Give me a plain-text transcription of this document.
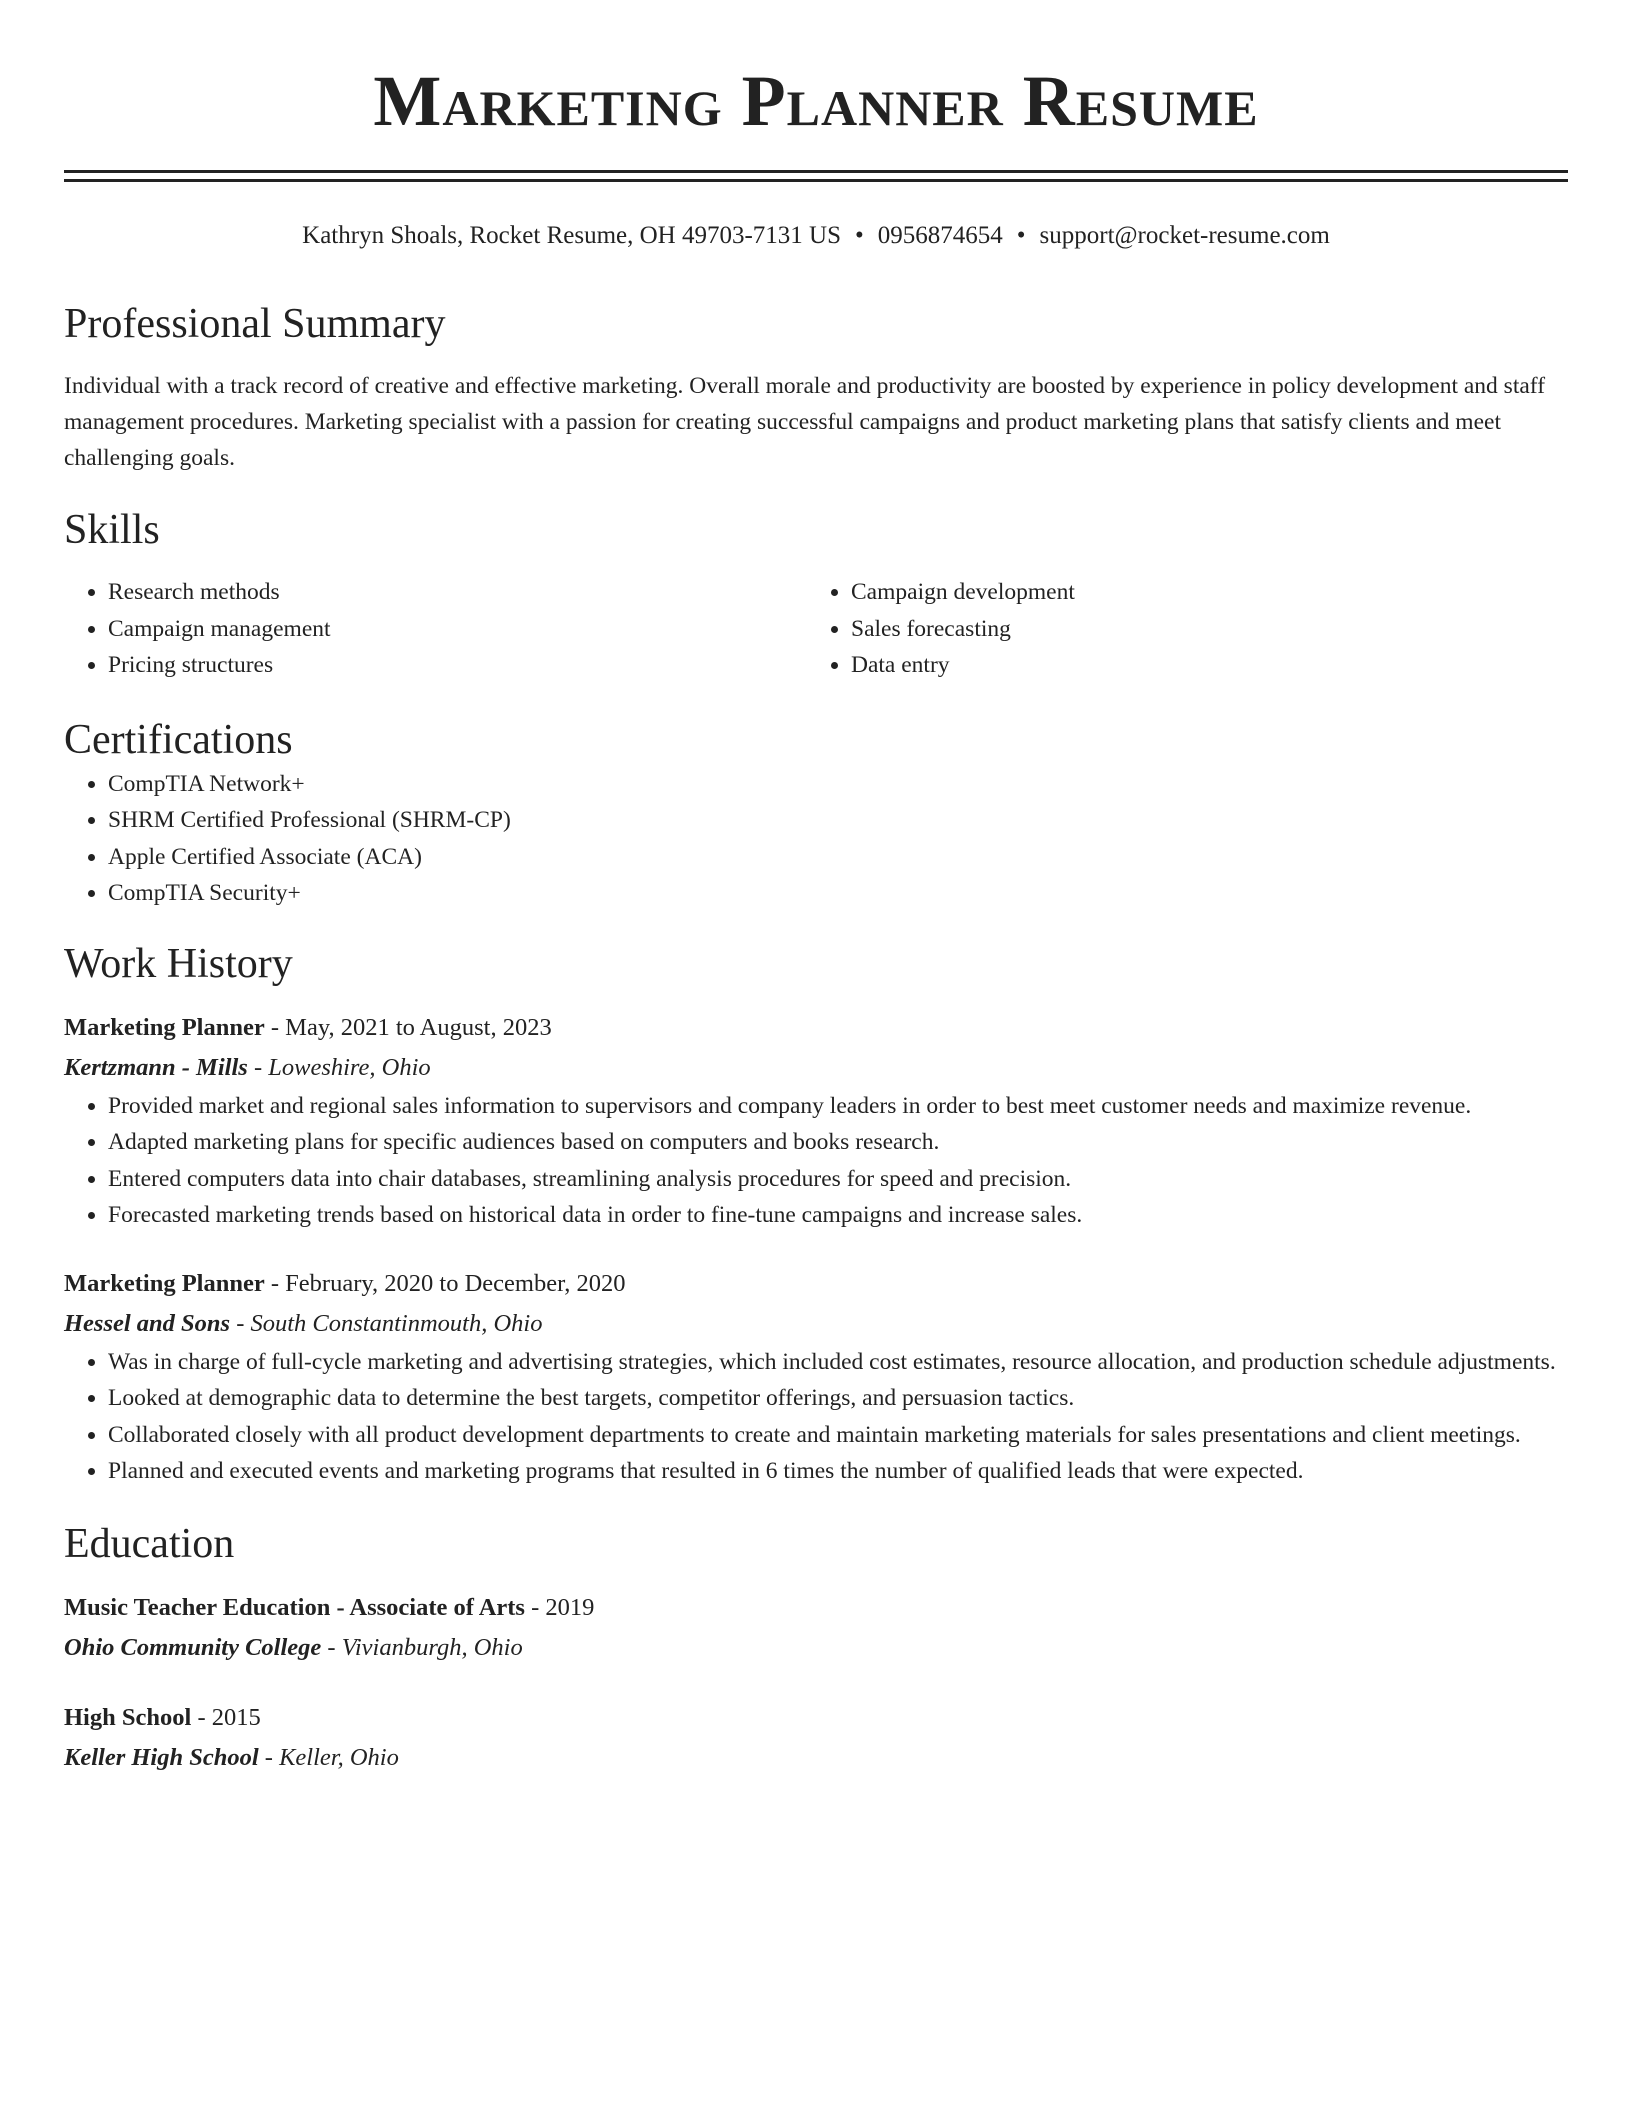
Marketing Planner Resume
Kathryn Shoals, Rocket Resume, OH 49703-7131 US • 0956874654 • support@rocket-resume.com
Professional Summary
Individual with a track record of creative and effective marketing. Overall morale and productivity are boosted by experience in policy development and staff management procedures. Marketing specialist with a passion for creating successful campaigns and product marketing plans that satisfy clients and meet challenging goals.
Skills
• Research methods
• Campaign management
• Pricing structures
• Campaign development
• Sales forecasting
• Data entry
Certifications
• CompTIA Network+
• SHRM Certified Professional (SHRM-CP)
• Apple Certified Associate (ACA)
• CompTIA Security+
Work History
Marketing Planner - May, 2021 to August, 2023
Kertzmann - Mills - Loweshire, Ohio
• Provided market and regional sales information to supervisors and company leaders in order to best meet customer needs and maximize revenue.
• Adapted marketing plans for specific audiences based on computers and books research.
• Entered computers data into chair databases, streamlining analysis procedures for speed and precision.
• Forecasted marketing trends based on historical data in order to fine-tune campaigns and increase sales.
Marketing Planner - February, 2020 to December, 2020
Hessel and Sons - South Constantinmouth, Ohio
• Was in charge of full-cycle marketing and advertising strategies, which included cost estimates, resource allocation, and production schedule adjustments.
• Looked at demographic data to determine the best targets, competitor offerings, and persuasion tactics.
• Collaborated closely with all product development departments to create and maintain marketing materials for sales presentations and client meetings.
• Planned and executed events and marketing programs that resulted in 6 times the number of qualified leads that were expected.
Education
Music Teacher Education - Associate of Arts - 2019
Ohio Community College - Vivianburgh, Ohio
High School - 2015
Keller High School - Keller, Ohio
